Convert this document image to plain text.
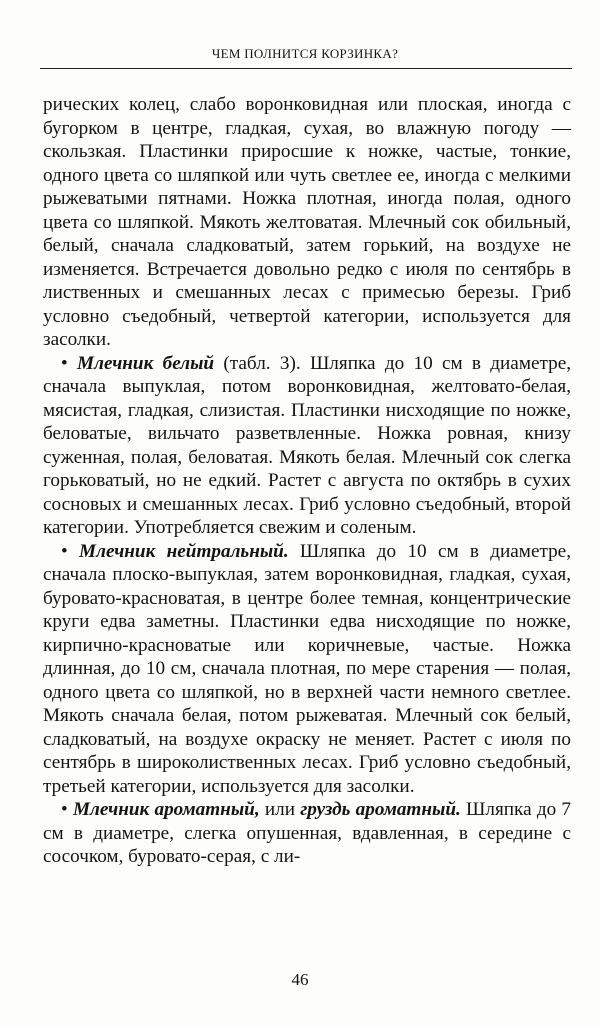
ЧЕМ ПОЛНИТСЯ КОРЗИНКА?

рических колец, слабо воронковидная или плоская, иногда с бугорком в центре, гладкая, сухая, во влажную погоду — скользкая. Пластинки приросшие к ножке, частые, тонкие, одного цвета со шляпкой или чуть светлее ее, иногда с мелкими рыжеватыми пятнами. Ножка плотная, иногда полая, одного цвета со шляпкой. Мякоть желтоватая. Млечный сок обильный, белый, сначала сладковатый, затем горький, на воздухе не изменяется. Встречается довольно редко с июля по сентябрь в лиственных и смешанных лесах с примесью березы. Гриб условно съедобный, четвертой категории, используется для засолки.

• Млечник белый (табл. 3). Шляпка до 10 см в диаметре, сначала выпуклая, потом воронковидная, желтовато-белая, мясистая, гладкая, слизистая. Пластинки нисходящие по ножке, беловатые, вильчато разветвленные. Ножка ровная, книзу суженная, полая, беловатая. Мякоть белая. Млечный сок слегка горьковатый, но не едкий. Растет с августа по октябрь в сухих сосновых и смешанных лесах. Гриб условно съедобный, второй категории. Употребляется свежим и соленым.

• Млечник нейтральный. Шляпка до 10 см в диаметре, сначала плоско-выпуклая, затем воронковидная, гладкая, сухая, буровато-красноватая, в центре более темная, концентрические круги едва заметны. Пластинки едва нисходящие по ножке, кирпично-красноватые или коричневые, частые. Ножка длинная, до 10 см, сначала плотная, по мере старения — полая, одного цвета со шляпкой, но в верхней части немного светлее. Мякоть сначала белая, потом рыжеватая. Млечный сок белый, сладковатый, на воздухе окраску не меняет. Растет с июля по сентябрь в широколиственных лесах. Гриб условно съедобный, третьей категории, используется для засолки.

• Млечник ароматный, или груздь ароматный. Шляпка до 7 см в диаметре, слегка опушенная, вдавленная, в середине с сосочком, буровато-серая, с ли-

46
